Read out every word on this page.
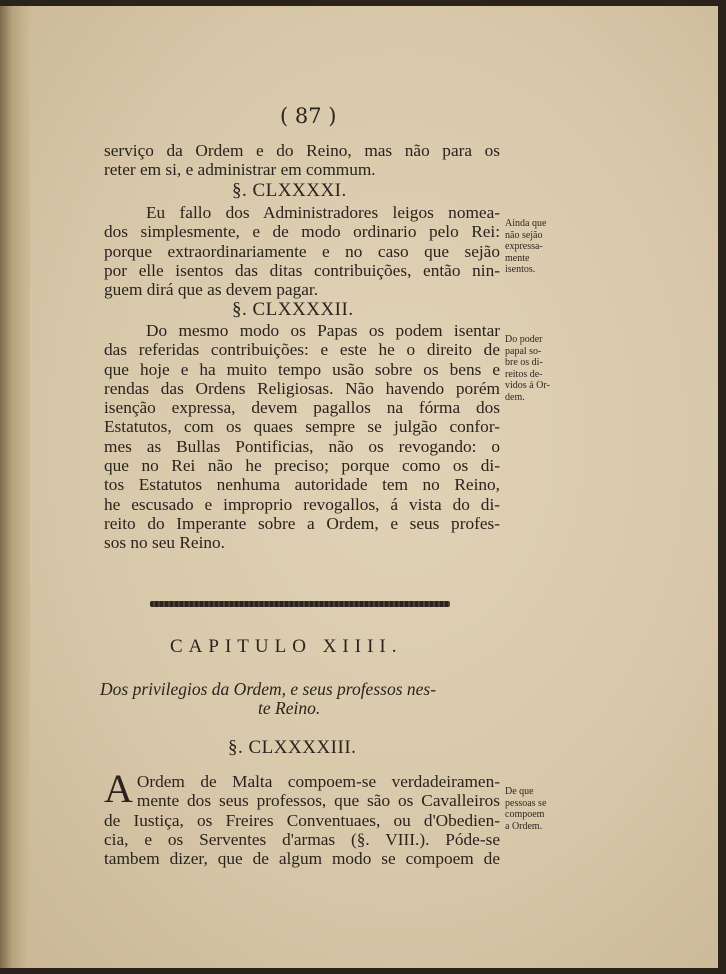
( 87 )
serviço da Ordem e do Reino, mas não para os
reter em si, e administrar em commum.
§. CLXXXXI.
Eu fallo dos Administradores leigos nomea-
dos simplesmente, e de modo ordinario pelo Rei:
porque extraordinariamente e no caso que sejão
por elle isentos das ditas contribuições, então nin-
guem dirá que as devem pagar.
Ainda que
não sejão
expressa-
mente
isentos.
§. CLXXXXII.
Do mesmo modo os Papas os podem isentar
das referidas contribuições: e este he o direito de
que hoje e ha muito tempo usão sobre os bens e
rendas das Ordens Religiosas. Não havendo porém
isenção expressa, devem pagallos na fórma dos
Estatutos, com os quaes sempre se julgão confor-
mes as Bullas Pontificias, não os revogando: o
que no Rei não he preciso; porque como os di-
tos Estatutos nenhuma autoridade tem no Reino,
he escusado e improprio revogallos, á vista do di-
reito do Imperante sobre a Ordem, e seus profes-
sos no seu Reino.
Do poder
papal so-
bre os di-
reitos de-
vidos á Or-
dem.
CAPITULO XIIII.
Dos privilegios da Ordem, e seus professos nes-
te Reino.
§. CLXXXXIII.
A Ordem de Malta compoem-se verdadeiramen-
mente dos seus professos, que são os Cavalleiros
de Iustiça, os Freires Conventuaes, ou d'Obedien-
cia, e os Serventes d'armas (§. VIII.). Póde-se
tambem dizer, que de algum modo se compoem de
De que
pessoas se
compoem
a Ordem.
